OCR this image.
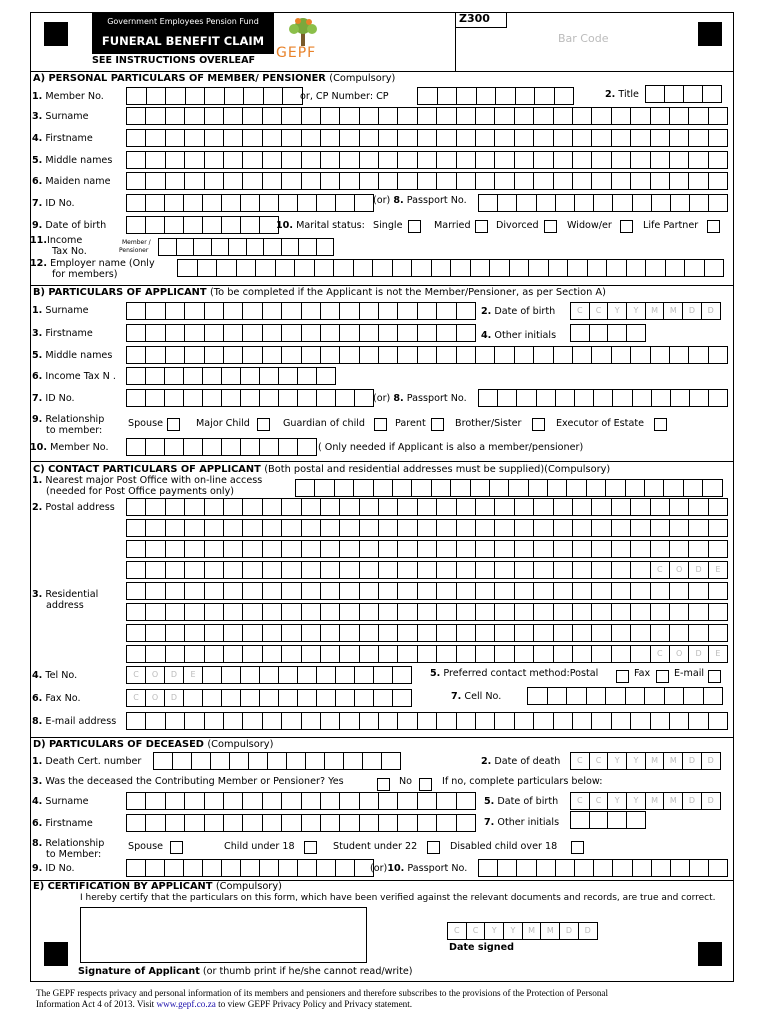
Government Employees Pension Fund
FUNERAL BENEFIT CLAIM
SEE INSTRUCTIONS OVERLEAF GEPF
Z300
Bar Code
A) PERSONAL PARTICULARS OF MEMBER/ PENSIONER (Compulsory)
1. Member No.	or, CP Number: CP	2. Title
3. Surname
4. Firstname
5. Middle names
6. Maiden name
7. ID No.	(or) 8. Passport No.
9. Date of birth	10. Marital status: Single	Married	Divorced	Widow/er	Life Partner
11.Income
Tax No.
Member /
Pensioner
12. Employer name (Only
for members)
B) PARTICULARS OF APPLICANT (To be completed if the Applicant is not the Member/Pensioner, as per Section A)
1. Surname	2. Date of birth	C	C	Y	Y	M	M	D	D
3. Firstname	4. Other initials
5. Middle names
6. Income Tax N .
7. ID No.	(or) 8. Passport No.
9. Relationship
to member:
Spouse	Major Child	Guardian of child	Parent	Brother/Sister	Executor of Estate
10. Member No.	( Only needed if Applicant is also a member/pensioner)
C) CONTACT PARTICULARS OF APPLICANT (Both postal and residential addresses must be supplied)(Compulsory)
1. Nearest major Post Office with on-line access
(needed for Post Office payments only)
2. Postal address
C	O	D	E
3. Residential
address
C	O	D	E
4. Tel No.	C	O	D	E	5. Preferred contact method:Postal	Fax E-mail
6. Fax No.	C	O	D	7. Cell No.
8. E-mail address
D) PARTICULARS OF DECEASED (Compulsory)
1. Death Cert. number	2. Date of death	C	C	Y	Y	M	M	D	D
3. Was the deceased the Contributing Member or Pensioner? Yes	No	If no, complete particulars below:
4. Surname	5. Date of birth	C	C	Y	Y	M	M	D	D
6. Firstname	7. Other initials
8. Relationship
to Member:
Spouse	Child under 18	Student under 22	Disabled child over 18
9. ID No.	(or)10. Passport No.
E) CERTIFICATION BY APPLICANT (Compulsory)
I hereby certify that the particulars on this form, which have been verified against the relevant documents and records, are true and correct.
C	C	Y	Y	M	M	D	D
Date signed
Signature of Applicant (or thumb print if he/she cannot read/write)
The GEPF respects privacy and personal information of its members and pensioners and therefore subscribes to the provisions of the Protection of Personal
Information Act 4 of 2013. Visit www.gepf.co.za to view GEPF Privacy Policy and Privacy statement.
